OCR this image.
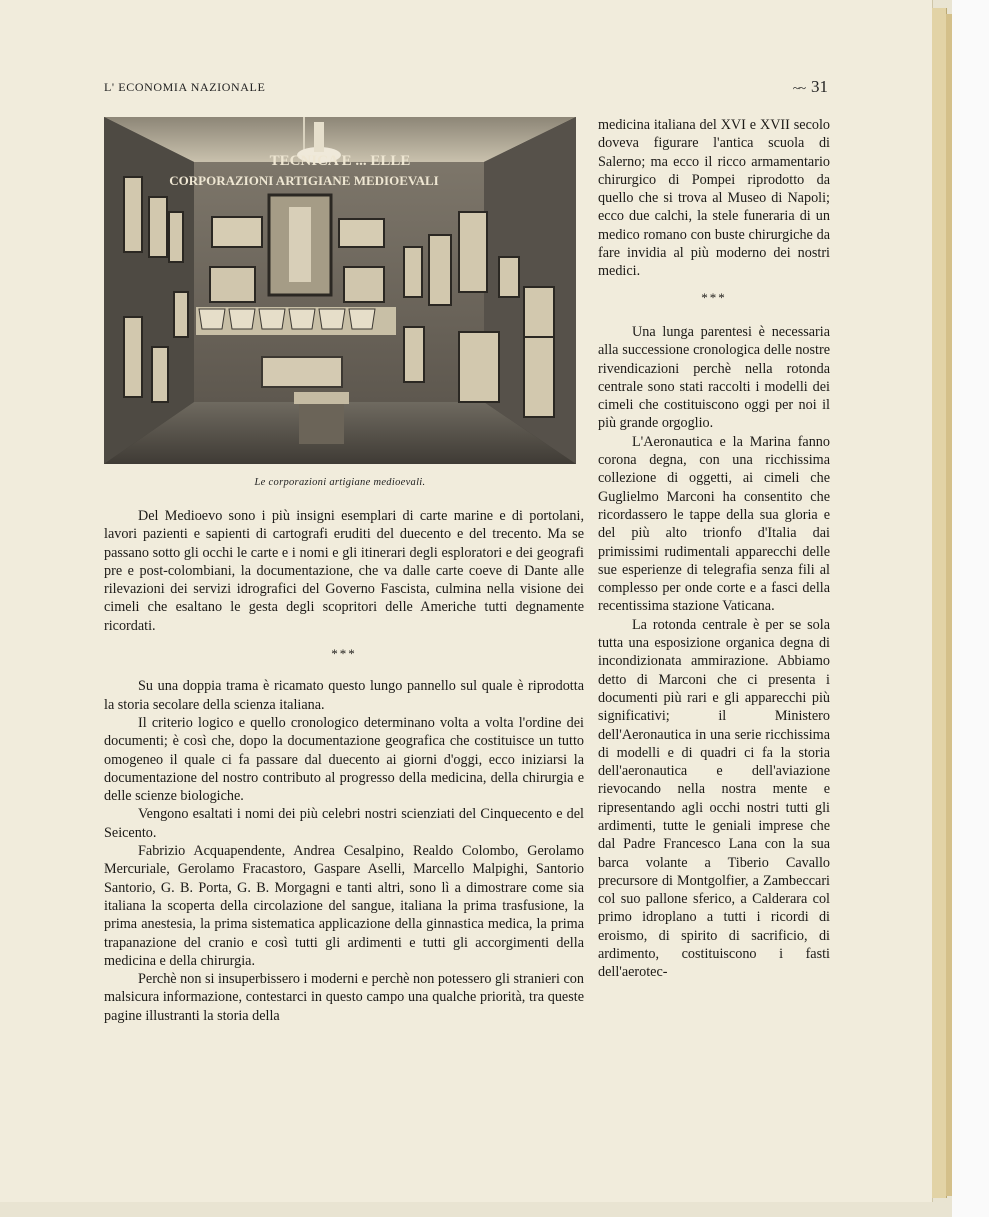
L' ECONOMIA NAZIONALE	~~ 31
TECNICA E ... ELLE
CORPORAZIONI ARTIGIANE MEDIOEVALI
Le corporazioni artigiane medioevali.

Del Medioevo sono i più insigni esemplari di carte marine e di portolani, lavori pazienti e sapienti di cartografi eruditi del duecento e del trecento. Ma se passano sotto gli occhi le carte e i nomi e gli itinerari degli esploratori e dei geografi pre e post-colombiani, la documentazione, che va dalle carte coeve di Dante alle rilevazioni dei servizi idrografici del Governo Fascista, culmina nella visione dei cimeli che esaltano le gesta degli scopritori delle Americhe tutti degnamente ricordati.

***

Su una doppia trama è ricamato questo lungo pannello sul quale è riprodotta la storia secolare della scienza italiana.

Il criterio logico e quello cronologico determinano volta a volta l'ordine dei documenti; è così che, dopo la documentazione geografica che costituisce un tutto omogeneo il quale ci fa passare dal duecento ai giorni d'oggi, ecco iniziarsi la documentazione del nostro contributo al progresso della medicina, della chirurgia e delle scienze biologiche.

Vengono esaltati i nomi dei più celebri nostri scienziati del Cinquecento e del Seicento.

Fabrizio Acquapendente, Andrea Cesalpino, Realdo Colombo, Gerolamo Mercuriale, Gerolamo Fracastoro, Gaspare Aselli, Marcello Malpighi, Santorio Santorio, G. B. Porta, G. B. Morgagni e tanti altri, sono lì a dimostrare come sia italiana la scoperta della circolazione del sangue, italiana la prima trasfusione, la prima anestesia, la prima sistematica applicazione della ginnastica medica, la prima trapanazione del cranio e così tutti gli ardimenti e tutti gli accorgimenti della medicina e della chirurgia.

Perchè non si insuperbissero i moderni e perchè non potessero gli stranieri con malsicura informazione, contestarci in questo campo una qualche priorità, tra queste pagine illustranti la storia della

medicina italiana del XVI e XVII secolo doveva figurare l'antica scuola di Salerno; ma ecco il ricco armamentario chirurgico di Pompei riprodotto da quello che si trova al Museo di Napoli; ecco due calchi, la stele funeraria di un medico romano con buste chirurgiche da fare invidia al più moderno dei nostri medici.

***

Una lunga parentesi è necessaria alla successione cronologica delle nostre rivendicazioni perchè nella rotonda centrale sono stati raccolti i modelli dei cimeli che costituiscono oggi per noi il più grande orgoglio.

L'Aeronautica e la Marina fanno corona degna, con una ricchissima collezione di oggetti, ai cimeli che Guglielmo Marconi ha consentito che ricordassero le tappe della sua gloria e del più alto trionfo d'Italia dai primissimi rudimentali apparecchi delle sue esperienze di telegrafia senza fili al complesso per onde corte e a fasci della recentissima stazione Vaticana.

La rotonda centrale è per se sola tutta una esposizione organica degna di incondizionata ammirazione. Abbiamo detto di Marconi che ci presenta i documenti più rari e gli apparecchi più significativi; il Ministero dell'Aeronautica in una serie ricchissima di modelli e di quadri ci fa la storia dell'aeronautica e dell'aviazione rievocando nella nostra mente e ripresentando agli occhi nostri tutti gli ardimenti, tutte le geniali imprese che dal Padre Francesco Lana con la sua barca volante a Tiberio Cavallo precursore di Montgolfier, a Zambeccari col suo pallone sferico, a Calderara col primo idroplano a tutti i ricordi di eroismo, di spirito di sacrificio, di ardimento, costituiscono i fasti dell'aerotec-
